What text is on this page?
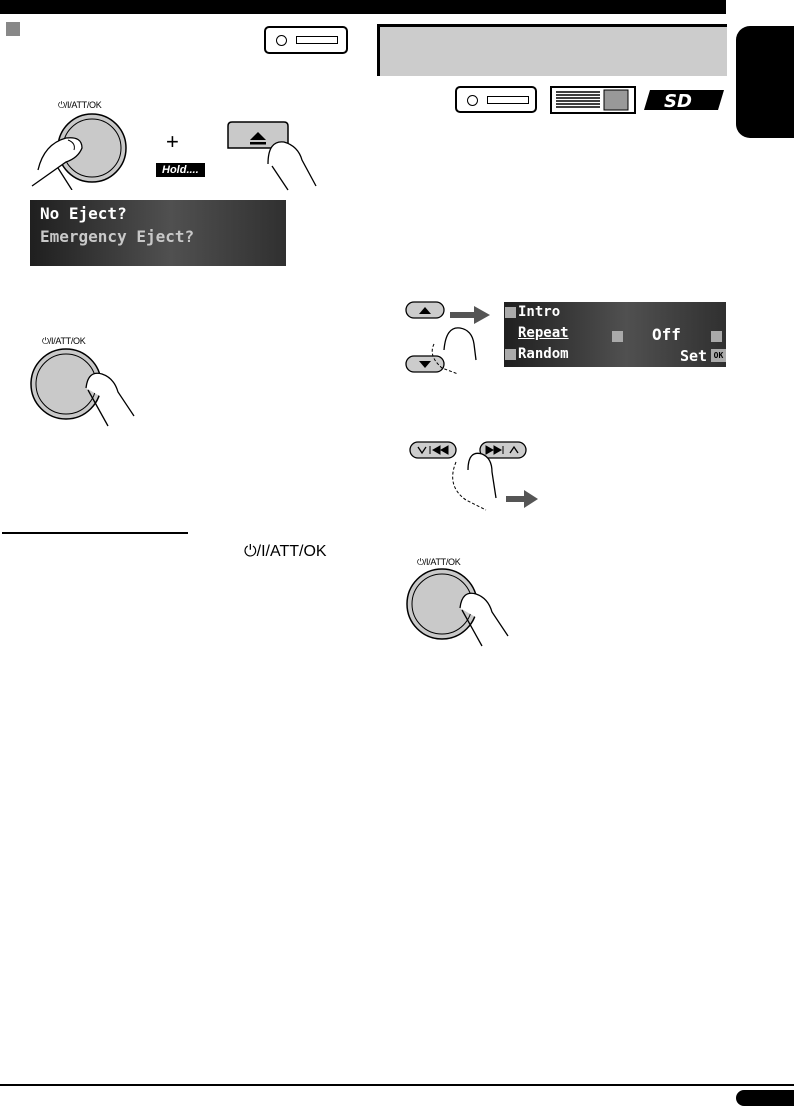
⏻/I/ATT/OK
+
Hold....
No Eject?
Emergency Eject?
⏻/I/ATT/OK
⏻/I/ATT/OK
SD
Intro
Repeat
Random
Off
Set OK
⏻/I/ATT/OK
